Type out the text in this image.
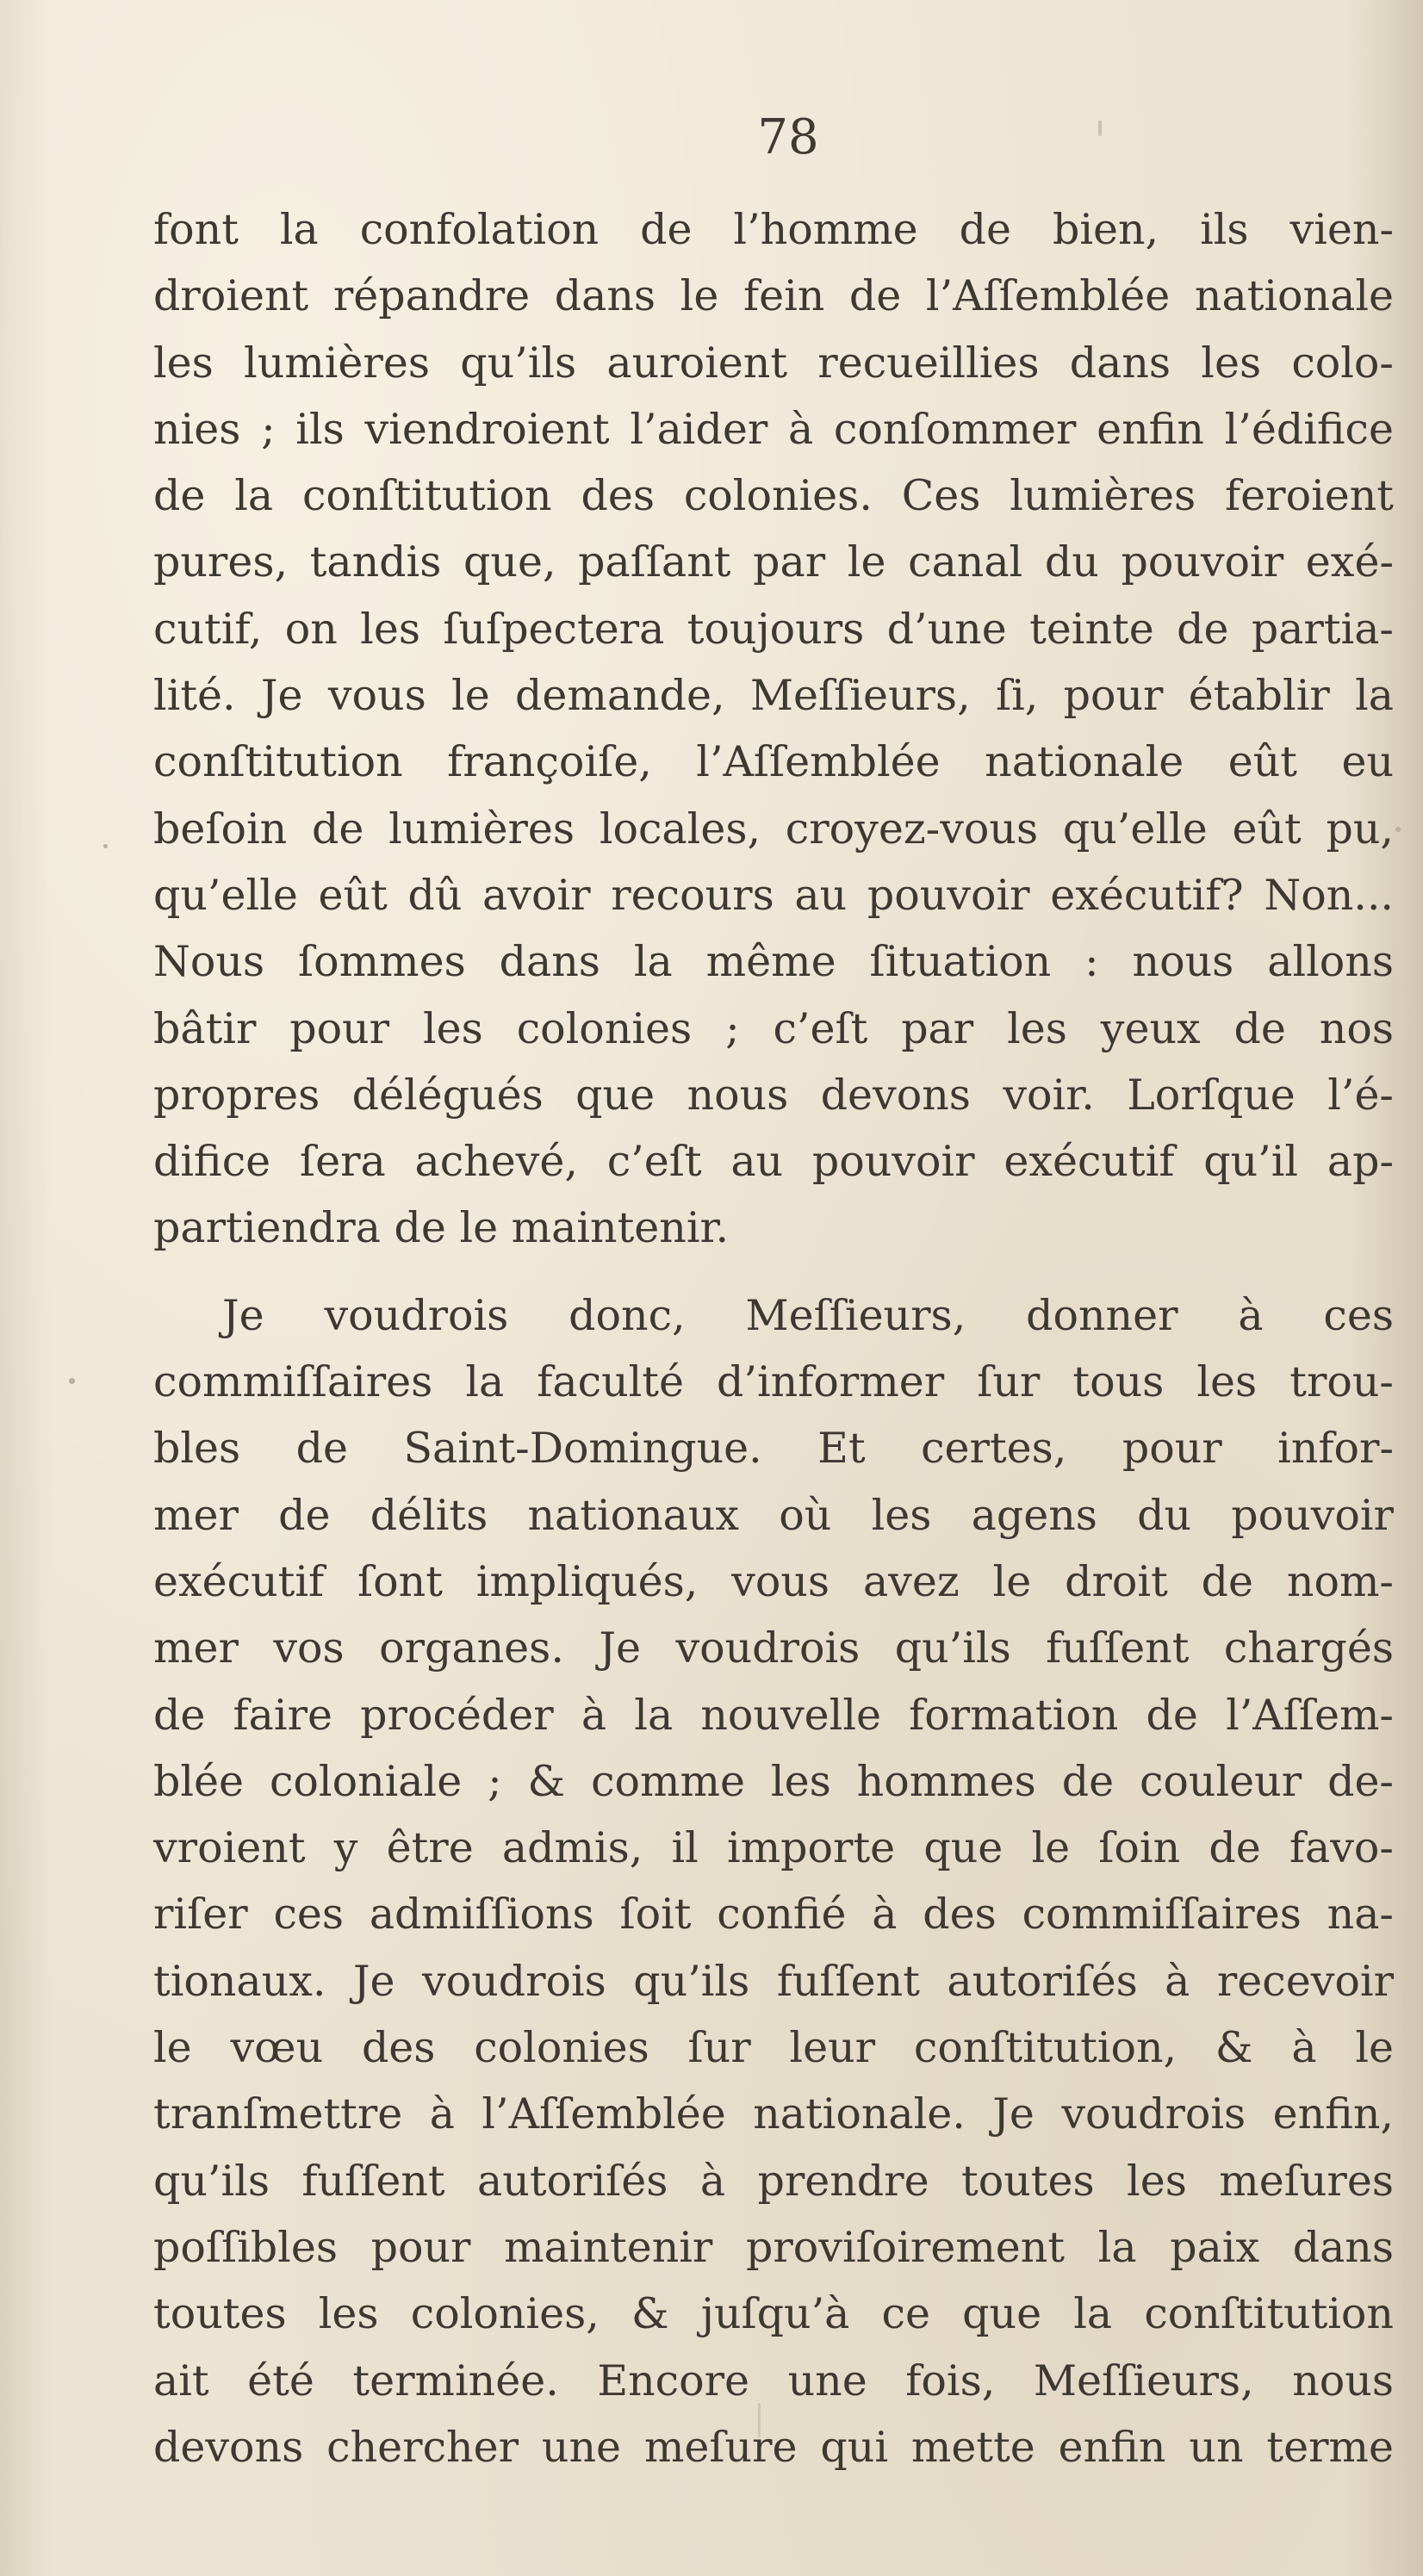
78
font la confolation de l’homme de bien, ils vien-
droient répandre dans le fein de l’Aſſemblée nationale
les lumières qu’ils auroient recueillies dans les colo-
nies ; ils viendroient l’aider à conſommer enfin l’édifice
de la conſtitution des colonies. Ces lumières feroient
pures, tandis que, paſſant par le canal du pouvoir exé-
cutif, on les ſuſpectera toujours d’une teinte de partia-
lité. Je vous le demande, Meſſieurs, ſi, pour établir la
conſtitution françoiſe, l’Aſſemblée nationale eût eu
beſoin de lumières locales, croyez-vous qu’elle eût pu,
qu’elle eût dû avoir recours au pouvoir exécutif? Non...
Nous ſommes dans la même ſituation : nous allons
bâtir pour les colonies ; c’eſt par les yeux de nos
propres délégués que nous devons voir. Lorſque l’é-
difice ſera achevé, c’eſt au pouvoir exécutif qu’il ap-
partiendra de le maintenir.
Je voudrois donc, Meſſieurs, donner à ces
commiſſaires la faculté d’informer ſur tous les trou-
bles de Saint-Domingue. Et certes, pour infor-
mer de délits nationaux où les agens du pouvoir
exécutif ſont impliqués, vous avez le droit de nom-
mer vos organes. Je voudrois qu’ils fuſſent chargés
de faire procéder à la nouvelle formation de l’Aſſem-
blée coloniale ; & comme les hommes de couleur de-
vroient y être admis, il importe que le ſoin de favo-
riſer ces admiſſions ſoit confié à des commiſſaires na-
tionaux. Je voudrois qu’ils fuſſent autoriſés à recevoir
le vœu des colonies ſur leur conſtitution, & à le
tranſmettre à l’Aſſemblée nationale. Je voudrois enfin,
qu’ils fuſſent autoriſés à prendre toutes les meſures
poſſibles pour maintenir proviſoirement la paix dans
toutes les colonies, & juſqu’à ce que la conſtitution
ait été terminée. Encore une fois, Meſſieurs, nous
devons chercher une meſure qui mette enfin un terme
